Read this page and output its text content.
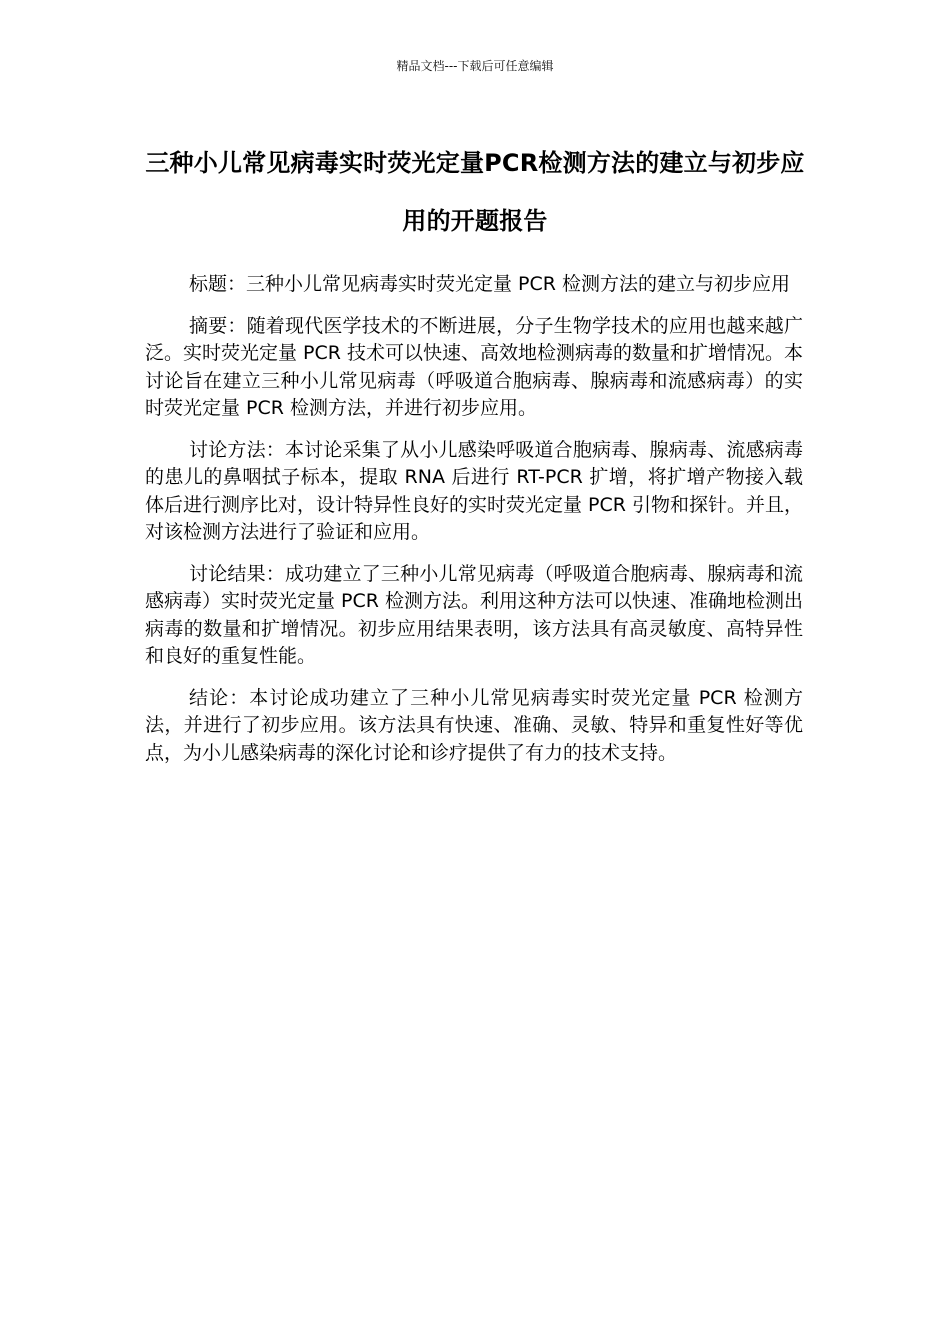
精品文档---下载后可任意编辑
三种小儿常见病毒实时荧光定量PCR检测方法的建立与初步应用的开题报告

标题：三种小儿常见病毒实时荧光定量 PCR 检测方法的建立与初步应用

摘要：随着现代医学技术的不断进展，分子生物学技术的应用也越来越广泛。实时荧光定量 PCR 技术可以快速、高效地检测病毒的数量和扩增情况。本讨论旨在建立三种小儿常见病毒（呼吸道合胞病毒、腺病毒和流感病毒）的实时荧光定量 PCR 检测方法，并进行初步应用。

讨论方法：本讨论采集了从小儿感染呼吸道合胞病毒、腺病毒、流感病毒的患儿的鼻咽拭子标本，提取 RNA 后进行 RT-PCR 扩增，将扩增产物接入载体后进行测序比对，设计特异性良好的实时荧光定量 PCR 引物和探针。并且，对该检测方法进行了验证和应用。

讨论结果：成功建立了三种小儿常见病毒（呼吸道合胞病毒、腺病毒和流感病毒）实时荧光定量 PCR 检测方法。利用这种方法可以快速、准确地检测出病毒的数量和扩增情况。初步应用结果表明，该方法具有高灵敏度、高特异性和良好的重复性能。

结论：本讨论成功建立了三种小儿常见病毒实时荧光定量 PCR 检测方法，并进行了初步应用。该方法具有快速、准确、灵敏、特异和重复性好等优点，为小儿感染病毒的深化讨论和诊疗提供了有力的技术支持。
